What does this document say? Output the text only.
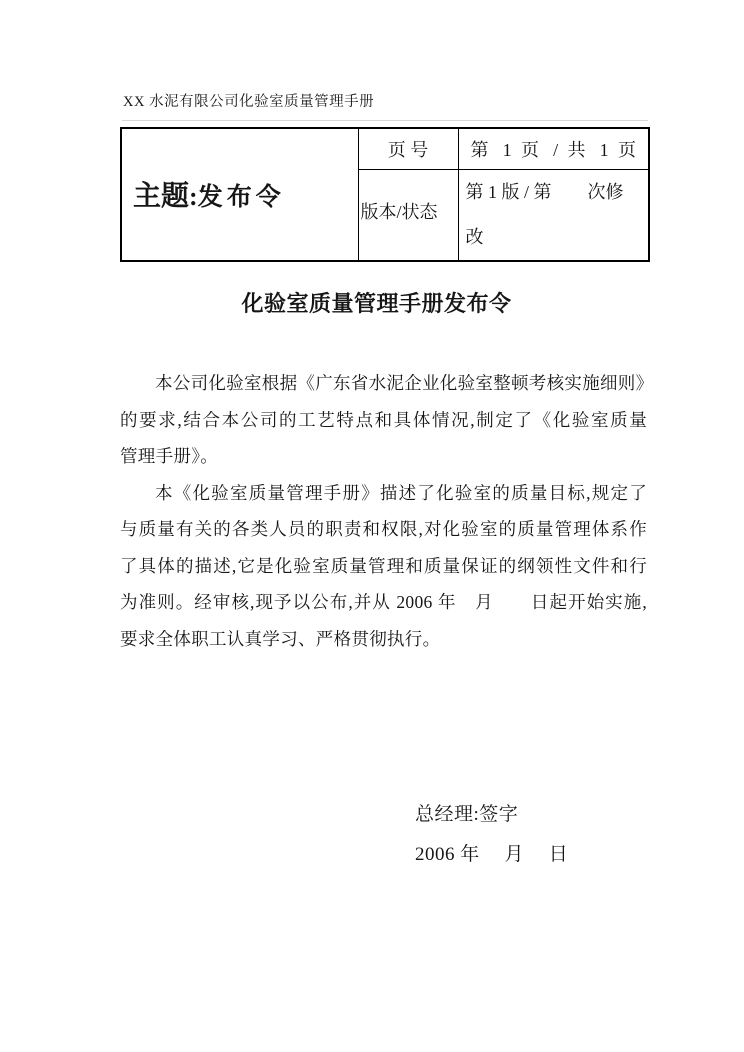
XX 水泥有限公司化验室质量管理手册
主题:发布令	页 号	第 1 页 / 共 1 页

	版本/状态	第 1 版 / 第　　次修改
化验室质量管理手册发布令
本公司化验室根据《广东省水泥企业化验室整顿考核实施细则》
的要求,结合本公司的工艺特点和具体情况,制定了《化验室质量
管理手册》。
本《化验室质量管理手册》描述了化验室的质量目标,规定了
与质量有关的各类人员的职责和权限,对化验室的质量管理体系作
了具体的描述,它是化验室质量管理和质量保证的纲领性文件和行
为准则。经审核,现予以公布,并从 2006 年　月　　日起开始实施,
要求全体职工认真学习、严格贯彻执行。
总经理:签字
2006 年　 月　 日
